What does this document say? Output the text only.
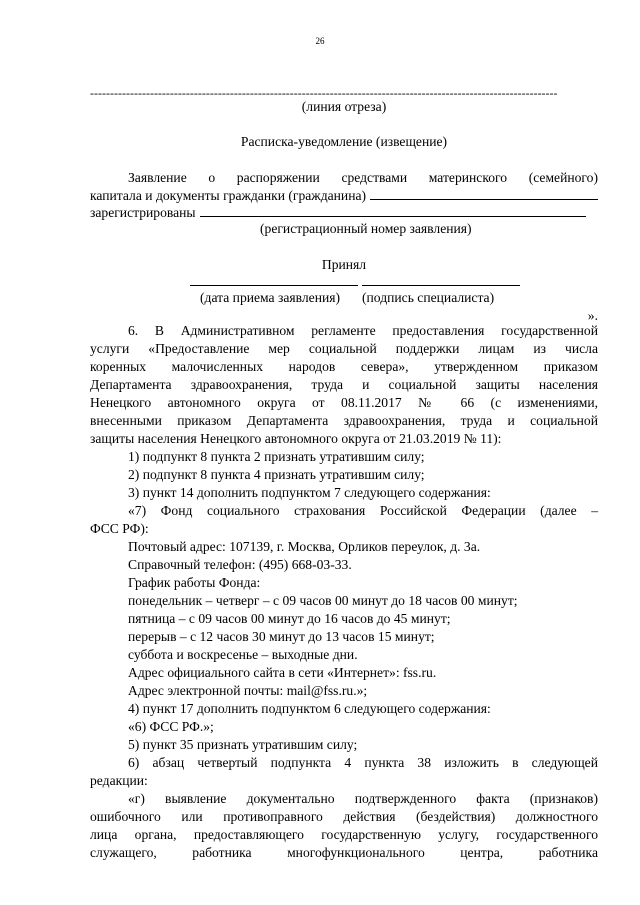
26
---------------------------------------------------------------------------------------------------------------------
(линия отреза)
Расписка-уведомление (извещение)
Заявление о распоряжении средствами материнского (семейного)
капитала и документы гражданки (гражданина)
зарегистрированы
(регистрационный номер заявления)
Принял
(дата приема заявления) (подпись специалиста)
».
6. В Административном регламенте предоставления государственной
услуги «Предоставление мер социальной поддержки лицам из числа
коренных малочисленных народов севера», утвержденном приказом
Департамента здравоохранения, труда и социальной защиты населения
Ненецкого автономного округа от 08.11.2017 № 66 (с изменениями,
внесенными приказом Департамента здравоохранения, труда и социальной
защиты населения Ненецкого автономного округа от 21.03.2019 № 11):
1) подпункт 8 пункта 2 признать утратившим силу;
2) подпункт 8 пункта 4 признать утратившим силу;
3) пункт 14 дополнить подпунктом 7 следующего содержания:
«7) Фонд социального страхования Российской Федерации (далее –
ФСС РФ):
Почтовый адрес: 107139, г. Москва, Орликов переулок, д. 3а.
Справочный телефон: (495) 668-03-33.
График работы Фонда:
понедельник – четверг – с 09 часов 00 минут до 18 часов 00 минут;
пятница – с 09 часов 00 минут до 16 часов до 45 минут;
перерыв – с 12 часов 30 минут до 13 часов 15 минут;
суббота и воскресенье – выходные дни.
Адрес официального сайта в сети «Интернет»: fss.ru.
Адрес электронной почты: mail@fss.ru.»;
4) пункт 17 дополнить подпунктом 6 следующего содержания:
«6) ФСС РФ.»;
5) пункт 35 признать утратившим силу;
6) абзац четвертый подпункта 4 пункта 38 изложить в следующей
редакции:
«г) выявление документально подтвержденного факта (признаков)
ошибочного или противоправного действия (бездействия) должностного
лица органа, предоставляющего государственную услугу, государственного
служащего, работника многофункционального центра, работника
